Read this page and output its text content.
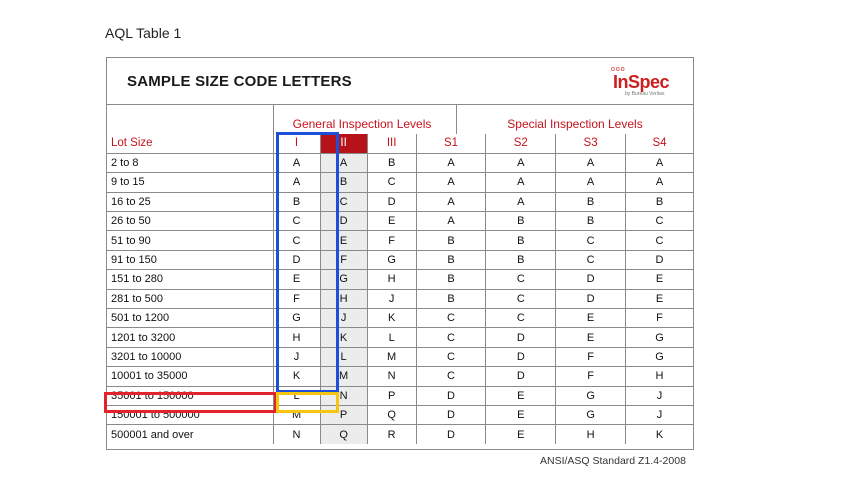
AQL Table 1
SAMPLE SIZE CODE LETTERS
ooo
InSpec
by Bureau Veritas
General Inspection Levels	Special Inspection Levels
Lot Size	I	II	III	S1	S2	S3	S4
2 to 8	A	A	B	A	A	A	A
9 to 15	A	B	C	A	A	A	A
16 to 25	B	C	D	A	A	B	B
26 to 50	C	D	E	A	B	B	C
51 to 90	C	E	F	B	B	C	C
91 to 150	D	F	G	B	B	C	D
151 to 280	E	G	H	B	C	D	E
281 to 500	F	H	J	B	C	D	E
501 to 1200	G	J	K	C	C	E	F
1201 to 3200	H	K	L	C	D	E	G
3201 to 10000	J	L	M	C	D	F	G
10001 to 35000	K	M	N	C	D	F	H
35001 to 150000	L	N	P	D	E	G	J
150001 to 500000	M	P	Q	D	E	G	J
500001 and over	N	Q	R	D	E	H	K
ANSI/ASQ Standard Z1.4-2008
